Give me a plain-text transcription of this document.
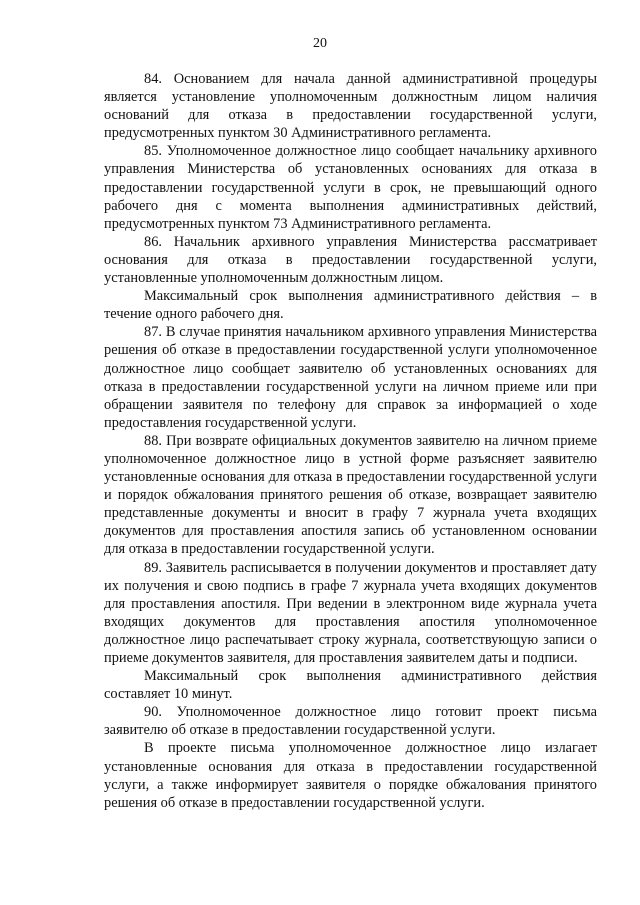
20

84. Основанием для начала данной административной процедуры является установление уполномоченным должностным лицом наличия оснований для отказа в предоставлении государственной услуги, предусмотренных пунктом 30 Административного регламента.

85. Уполномоченное должностное лицо сообщает начальнику архивного управления Министерства об установленных основаниях для отказа в предоставлении государственной услуги в срок, не превышающий одного рабочего дня с момента выполнения административных действий, предусмотренных пунктом 73 Административного регламента.

86. Начальник архивного управления Министерства рассматривает основания для отказа в предоставлении государственной услуги, установленные уполномоченным должностным лицом.

Максимальный срок выполнения административного действия – в течение одного рабочего дня.

87. В случае принятия начальником архивного управления Министерства решения об отказе в предоставлении государственной услуги уполномоченное должностное лицо сообщает заявителю об установленных основаниях для отказа в предоставлении государственной услуги на личном приеме или при обращении заявителя по телефону для справок за информацией о ходе предоставления государственной услуги.

88. При возврате официальных документов заявителю на личном приеме уполномоченное должностное лицо в устной форме разъясняет заявителю установленные основания для отказа в предоставлении государственной услуги и порядок обжалования принятого решения об отказе, возвращает заявителю представленные документы и вносит в графу 7 журнала учета входящих документов для проставления апостиля запись об установленном основании для отказа в предоставлении государственной услуги.

89. Заявитель расписывается в получении документов и проставляет дату их получения и свою подпись в графе 7 журнала учета входящих документов для проставления апостиля. При ведении в электронном виде журнала учета входящих документов для проставления апостиля уполномоченное должностное лицо распечатывает строку журнала, соответствующую записи о приеме документов заявителя, для проставления заявителем даты и подписи.

Максимальный срок выполнения административного действия составляет 10 минут.

90. Уполномоченное должностное лицо готовит проект письма заявителю об отказе в предоставлении государственной услуги.

В проекте письма уполномоченное должностное лицо излагает установленные основания для отказа в предоставлении государственной услуги, а также информирует заявителя о порядке обжалования принятого решения об отказе в предоставлении государственной услуги.
